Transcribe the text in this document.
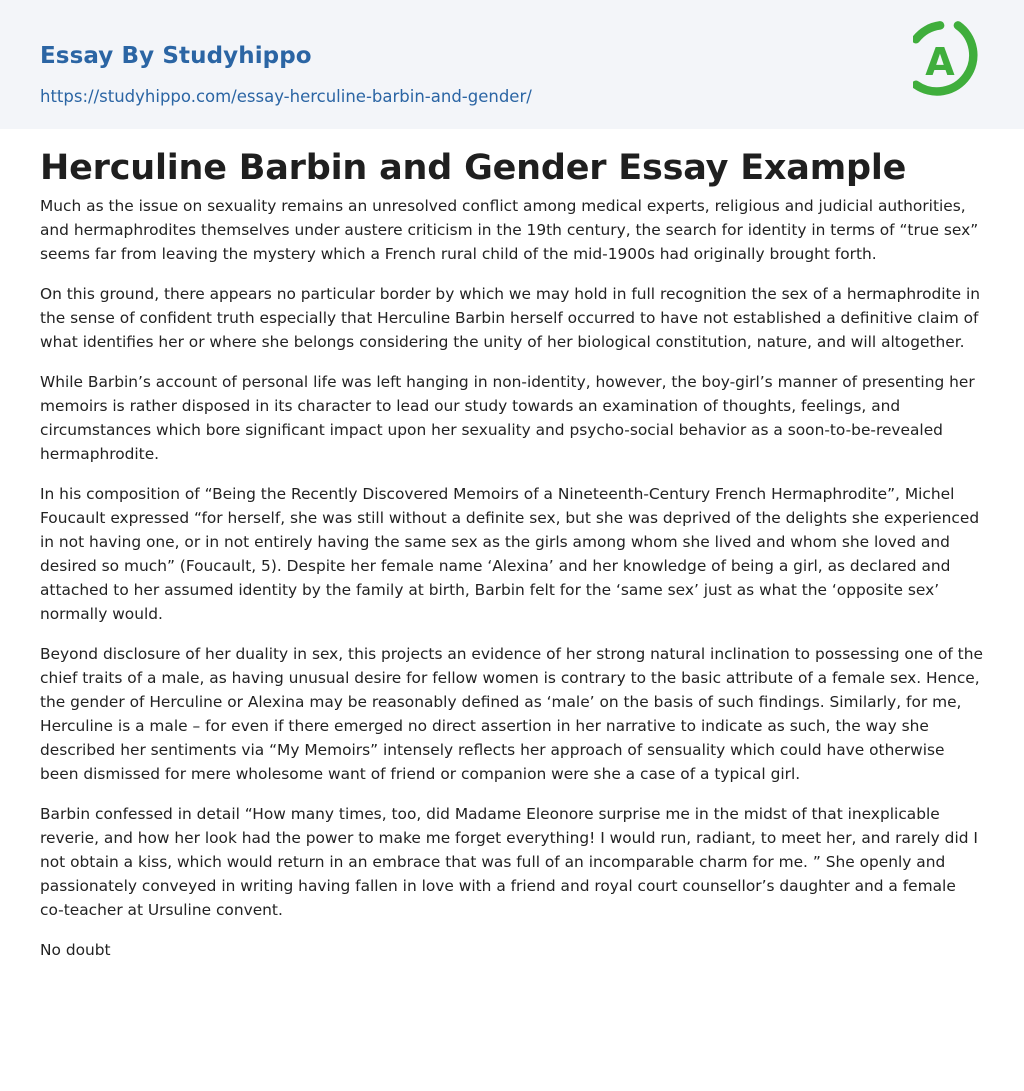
Essay By Studyhippo
https://studyhippo.com/essay-herculine-barbin-and-gender/
A
Herculine Barbin and Gender Essay Example

Much as the issue on sexuality remains an unresolved conflict among medical experts, religious and judicial authorities, and hermaphrodites themselves under austere criticism in the 19th century, the search for identity in terms of “true sex” seems far from leaving the mystery which a French rural child of the mid-1900s had originally brought forth.

On this ground, there appears no particular border by which we may hold in full recognition the sex of a hermaphrodite in the sense of confident truth especially that Herculine Barbin herself occurred to have not established a definitive claim of what identifies her or where she belongs considering the unity of her biological constitution, nature, and will altogether.

While Barbin’s account of personal life was left hanging in non-identity, however, the boy-girl’s manner of presenting her memoirs is rather disposed in its character to lead our study towards an examination of thoughts, feelings, and circumstances which bore significant impact upon her sexuality and psycho-social behavior as a soon-to-be-revealed hermaphrodite.

In his composition of “Being the Recently Discovered Memoirs of a Nineteenth-Century French Hermaphrodite”, Michel Foucault expressed “for herself, she was still without a definite sex, but she was deprived of the delights she experienced in not having one, or in not entirely having the same sex as the girls among whom she lived and whom she loved and desired so much” (Foucault, 5). Despite her female name ‘Alexina’ and her knowledge of being a girl, as declared and attached to her assumed identity by the family at birth, Barbin felt for the ‘same sex’ just as what the ‘opposite sex’ normally would.

Beyond disclosure of her duality in sex, this projects an evidence of her strong natural inclination to possessing one of the chief traits of a male, as having unusual desire for fellow women is contrary to the basic attribute of a female sex. Hence, the gender of Herculine or Alexina may be reasonably defined as ‘male’ on the basis of such findings. Similarly, for me, Herculine is a male – for even if there emerged no direct assertion in her narrative to indicate as such, the way she described her sentiments via “My Memoirs” intensely reflects her approach of sensuality which could have otherwise been dismissed for mere wholesome want of friend or companion were she a case of a typical girl.

Barbin confessed in detail “How many times, too, did Madame Eleonore surprise me in the midst of that inexplicable reverie, and how her look had the power to make me forget everything! I would run, radiant, to meet her, and rarely did I not obtain a kiss, which would return in an embrace that was full of an incomparable charm for me. ” She openly and passionately conveyed in writing having fallen in love with a friend and royal court counsellor’s daughter and a female co-teacher at Ursuline convent.

No doubt
